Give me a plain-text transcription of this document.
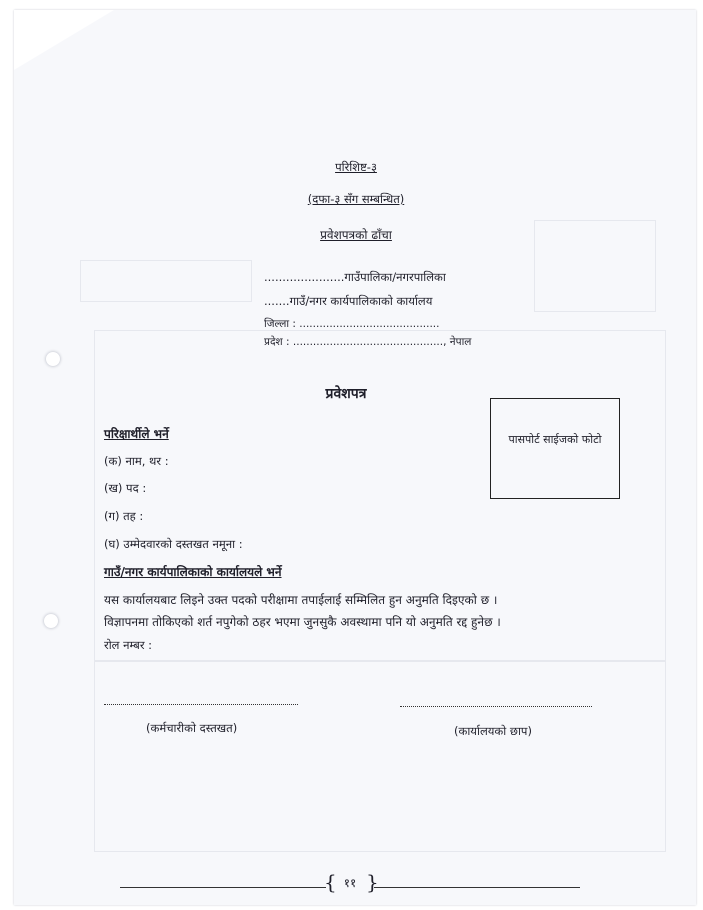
परिशिष्ट-३
(दफा-३ सँग सम्बन्धित)
प्रवेशपत्रको ढाँचा
......................गाउँपालिका/नगरपालिका
.......गाउँ/नगर कार्यपालिकाको कार्यालय
जिल्ला : ..........................................
प्रदेश : ............................................., नेपाल
प्रवेशपत्र
पासपोर्ट साईजको फोटो
परिक्षार्थीले भर्ने
(क) नाम, थर :
(ख) पद :
(ग) तह :
(घ) उम्मेदवारको दस्तखत नमूना :
गाउँ/नगर कार्यपालिकाको कार्यालयले भर्ने
यस कार्यालयबाट लिइने उक्त पदको परीक्षामा तपाईलाई सम्मिलित हुन अनुमति दिइएको छ ।
विज्ञापनमा तोकिएको शर्त नपुगेको ठहर भएमा जुनसुकै अवस्थामा पनि यो अनुमति रद्द हुनेछ ।
रोल नम्बर :
(कर्मचारीको दस्तखत)	(कार्यालयको छाप)
{ }
११
